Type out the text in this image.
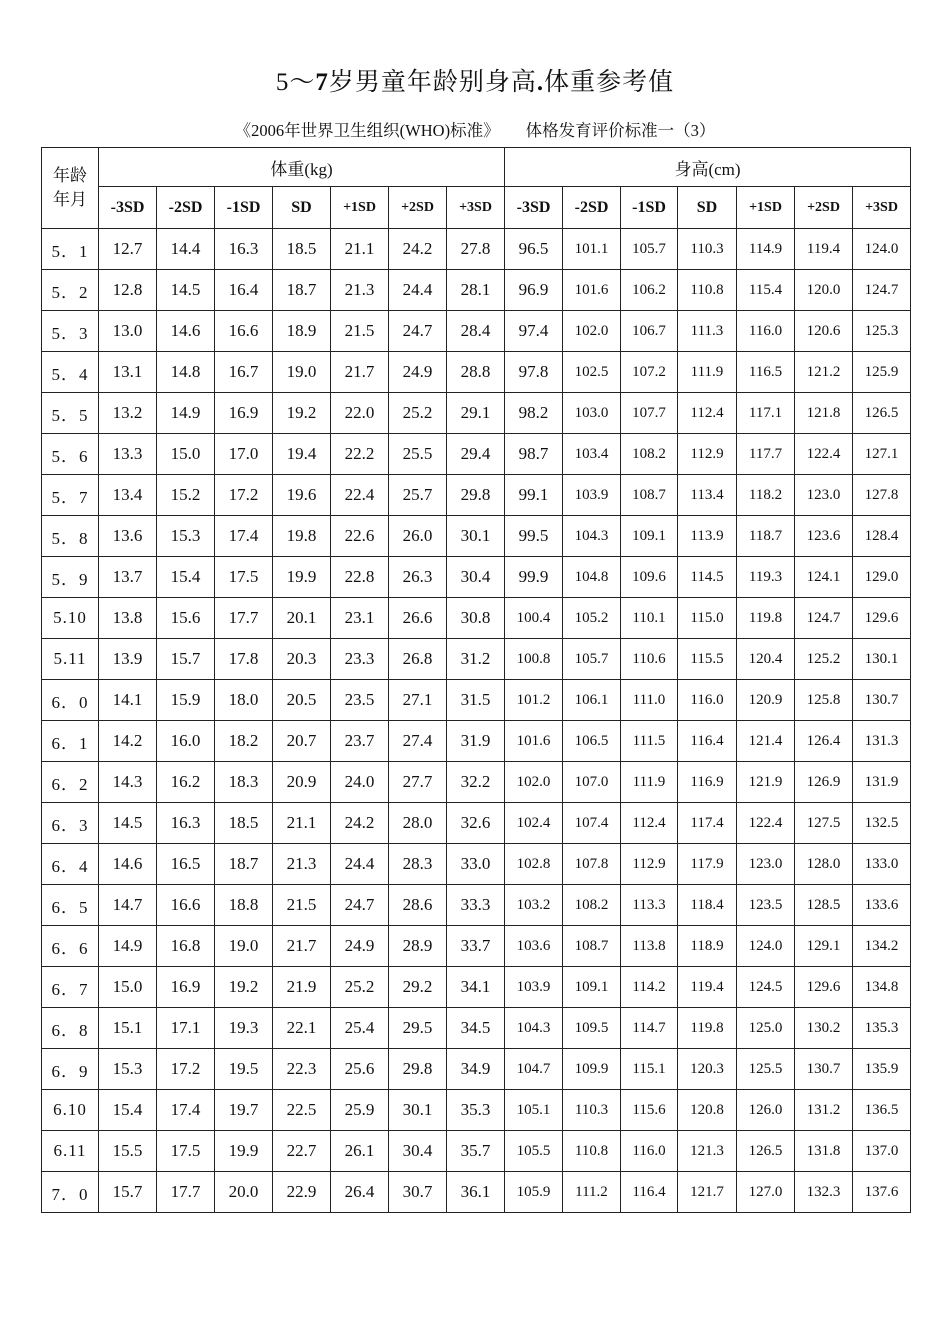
5～7岁男童年龄别身高.体重参考值
《2006年世界卫生组织(WHO)标准》 体格发育评价标准一（3）
年龄
年月	体重(kg)							身高(cm)						
	-3SD	-2SD	-1SD	SD	+1SD	+2SD	+3SD	-3SD	-2SD	-1SD	SD	+1SD	+2SD	+3SD
5．1	12.7	14.4	16.3	18.5	21.1	24.2	27.8	96.5	101.1	105.7	110.3	114.9	119.4	124.0
5．2	12.8	14.5	16.4	18.7	21.3	24.4	28.1	96.9	101.6	106.2	110.8	115.4	120.0	124.7
5．3	13.0	14.6	16.6	18.9	21.5	24.7	28.4	97.4	102.0	106.7	111.3	116.0	120.6	125.3
5．4	13.1	14.8	16.7	19.0	21.7	24.9	28.8	97.8	102.5	107.2	111.9	116.5	121.2	125.9
5．5	13.2	14.9	16.9	19.2	22.0	25.2	29.1	98.2	103.0	107.7	112.4	117.1	121.8	126.5
5．6	13.3	15.0	17.0	19.4	22.2	25.5	29.4	98.7	103.4	108.2	112.9	117.7	122.4	127.1
5．7	13.4	15.2	17.2	19.6	22.4	25.7	29.8	99.1	103.9	108.7	113.4	118.2	123.0	127.8
5．8	13.6	15.3	17.4	19.8	22.6	26.0	30.1	99.5	104.3	109.1	113.9	118.7	123.6	128.4
5．9	13.7	15.4	17.5	19.9	22.8	26.3	30.4	99.9	104.8	109.6	114.5	119.3	124.1	129.0
5.10	13.8	15.6	17.7	20.1	23.1	26.6	30.8	100.4	105.2	110.1	115.0	119.8	124.7	129.6
5.11	13.9	15.7	17.8	20.3	23.3	26.8	31.2	100.8	105.7	110.6	115.5	120.4	125.2	130.1
6．0	14.1	15.9	18.0	20.5	23.5	27.1	31.5	101.2	106.1	111.0	116.0	120.9	125.8	130.7
6．1	14.2	16.0	18.2	20.7	23.7	27.4	31.9	101.6	106.5	111.5	116.4	121.4	126.4	131.3
6．2	14.3	16.2	18.3	20.9	24.0	27.7	32.2	102.0	107.0	111.9	116.9	121.9	126.9	131.9
6．3	14.5	16.3	18.5	21.1	24.2	28.0	32.6	102.4	107.4	112.4	117.4	122.4	127.5	132.5
6．4	14.6	16.5	18.7	21.3	24.4	28.3	33.0	102.8	107.8	112.9	117.9	123.0	128.0	133.0
6．5	14.7	16.6	18.8	21.5	24.7	28.6	33.3	103.2	108.2	113.3	118.4	123.5	128.5	133.6
6．6	14.9	16.8	19.0	21.7	24.9	28.9	33.7	103.6	108.7	113.8	118.9	124.0	129.1	134.2
6．7	15.0	16.9	19.2	21.9	25.2	29.2	34.1	103.9	109.1	114.2	119.4	124.5	129.6	134.8
6．8	15.1	17.1	19.3	22.1	25.4	29.5	34.5	104.3	109.5	114.7	119.8	125.0	130.2	135.3
6．9	15.3	17.2	19.5	22.3	25.6	29.8	34.9	104.7	109.9	115.1	120.3	125.5	130.7	135.9
6.10	15.4	17.4	19.7	22.5	25.9	30.1	35.3	105.1	110.3	115.6	120.8	126.0	131.2	136.5
6.11	15.5	17.5	19.9	22.7	26.1	30.4	35.7	105.5	110.8	116.0	121.3	126.5	131.8	137.0
7．0	15.7	17.7	20.0	22.9	26.4	30.7	36.1	105.9	111.2	116.4	121.7	127.0	132.3	137.6
